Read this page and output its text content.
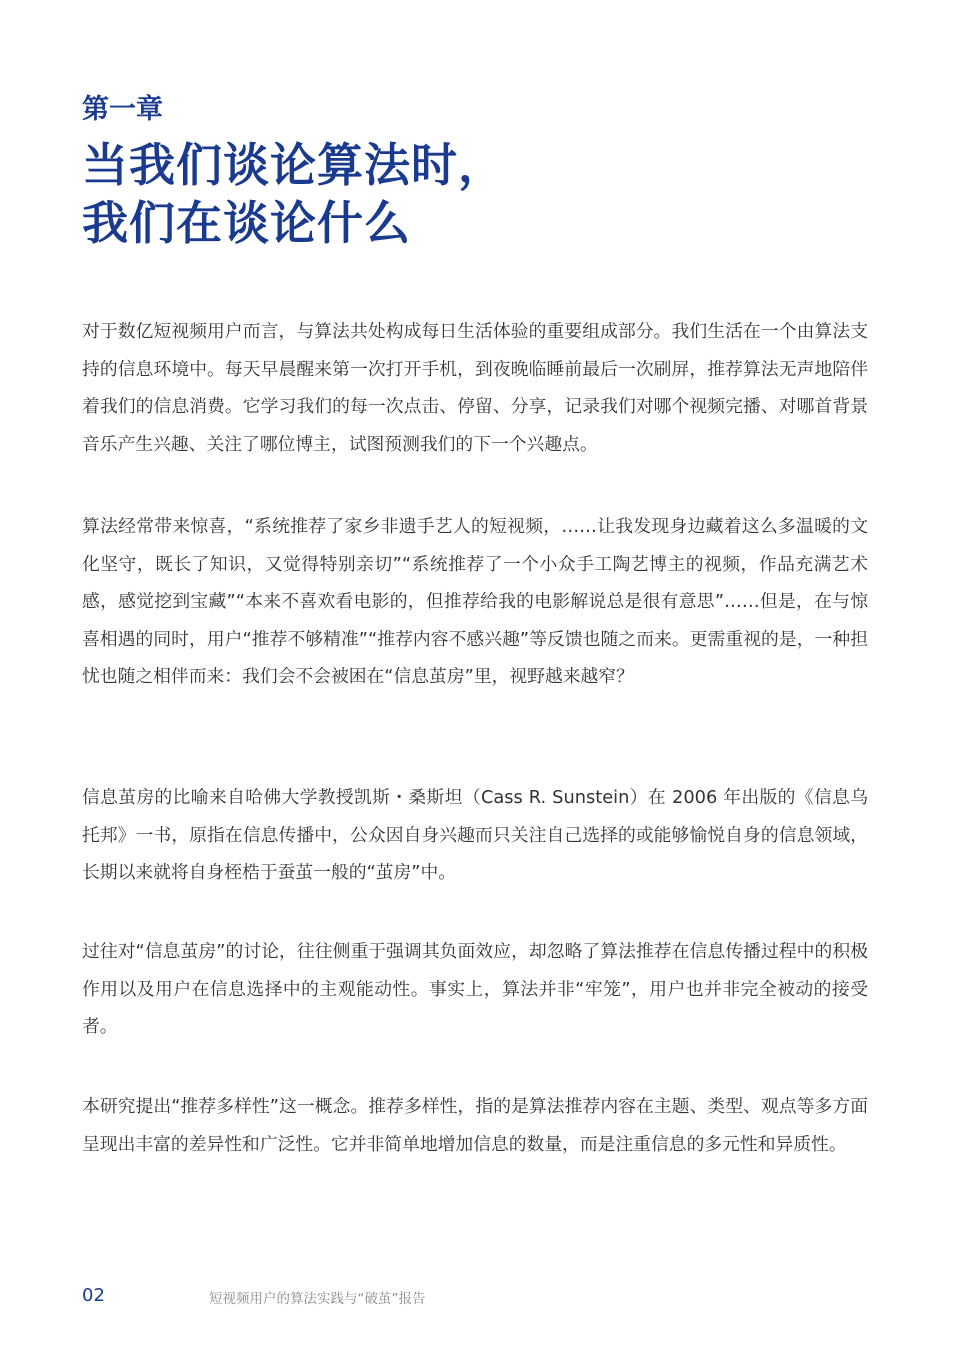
第一章
当我们谈论算法时，
我们在谈论什么

对于数亿短视频用户而言，与算法共处构成每日生活体验的重要组成部分。我们生活在一个由算法支持的信息环境中。每天早晨醒来第一次打开手机，到夜晚临睡前最后一次刷屏，推荐算法无声地陪伴着我们的信息消费。它学习我们的每一次点击、停留、分享，记录我们对哪个视频完播、对哪首背景音乐产生兴趣、关注了哪位博主，试图预测我们的下一个兴趣点。

算法经常带来惊喜，“系统推荐了家乡非遗手艺人的短视频，……让我发现身边藏着这么多温暖的文化坚守，既长了知识，又觉得特别亲切”“系统推荐了一个小众手工陶艺博主的视频，作品充满艺术感，感觉挖到宝藏”“本来不喜欢看电影的，但推荐给我的电影解说总是很有意思”……但是，在与惊喜相遇的同时，用户“推荐不够精准”“推荐内容不感兴趣”等反馈也随之而来。更需重视的是，一种担忧也随之相伴而来：我们会不会被困在“信息茧房”里，视野越来越窄？

信息茧房的比喻来自哈佛大学教授凯斯・桑斯坦（Cass R. Sunstein）在 2006 年出版的《信息乌托邦》一书，原指在信息传播中，公众因自身兴趣而只关注自己选择的或能够愉悦自身的信息领域，长期以来就将自身桎梏于蚕茧一般的“茧房”中。

过往对“信息茧房”的讨论，往往侧重于强调其负面效应，却忽略了算法推荐在信息传播过程中的积极作用以及用户在信息选择中的主观能动性。事实上，算法并非“牢笼”，用户也并非完全被动的接受者。

本研究提出“推荐多样性”这一概念。推荐多样性，指的是算法推荐内容在主题、类型、观点等多方面呈现出丰富的差异性和广泛性。它并非简单地增加信息的数量，而是注重信息的多元性和异质性。

02	短视频用户的算法实践与“破茧”报告
